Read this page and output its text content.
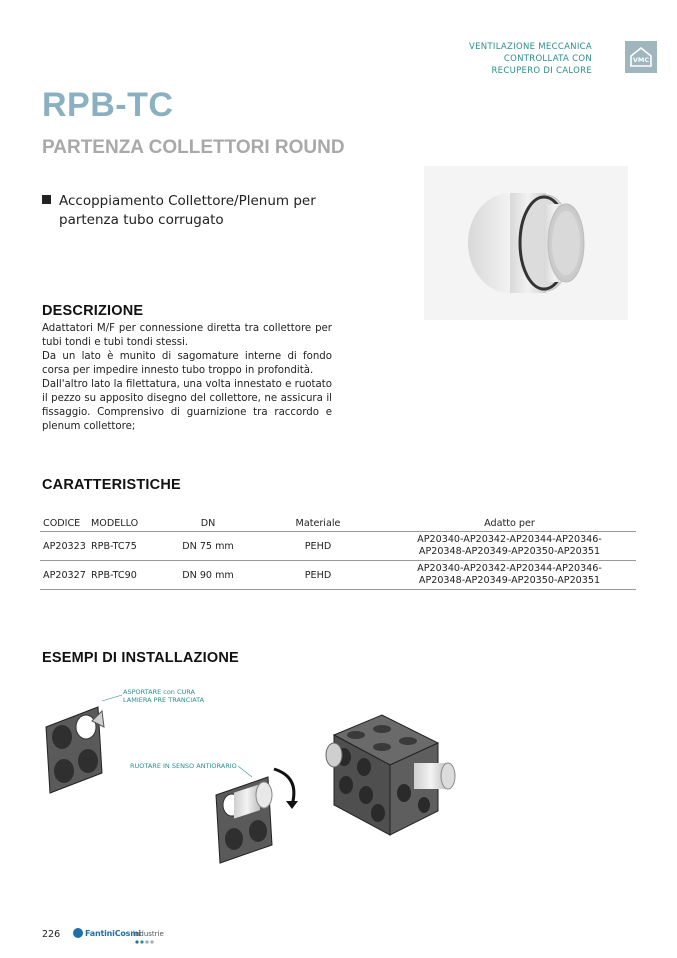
VENTILAZIONE MECCANICA
CONTROLLATA CON
RECUPERO DI CALORE
VMC
RPB-TC
PARTENZA COLLETTORI ROUND
Accoppiamento Collettore/Plenum per
partenza tubo corrugato
DESCRIZIONE

Adattatori M/F per connessione diretta tra collettore per tubi tondi e tubi tondi stessi.

Da un lato è munito di sagomature interne di fondo corsa per impedire innesto tubo troppo in profondità.

Dall'altro lato la filettatura, una volta innestato e ruotato il pezzo su apposito disegno del collettore, ne assicura il fissaggio. Comprensivo di guarnizione tra raccordo e plenum collettore;

CARATTERISTICHE
CODICE	MODELLO	DN	Materiale	Adatto per
AP20323	RPB-TC75	DN 75 mm	PEHD	AP20340-AP20342-AP20344-AP20346-
AP20348-AP20349-AP20350-AP20351

AP20327	RPB-TC90	DN 90 mm	PEHD	AP20340-AP20342-AP20344-AP20346-
AP20348-AP20349-AP20350-AP20351
ESEMPI DI INSTALLAZIONE
ASPORTARE con CURA
LAMIERA PRE TRANCIATA
RUOTARE IN SENSO ANTIORARIO
226	FantiniCosmi
industrie
